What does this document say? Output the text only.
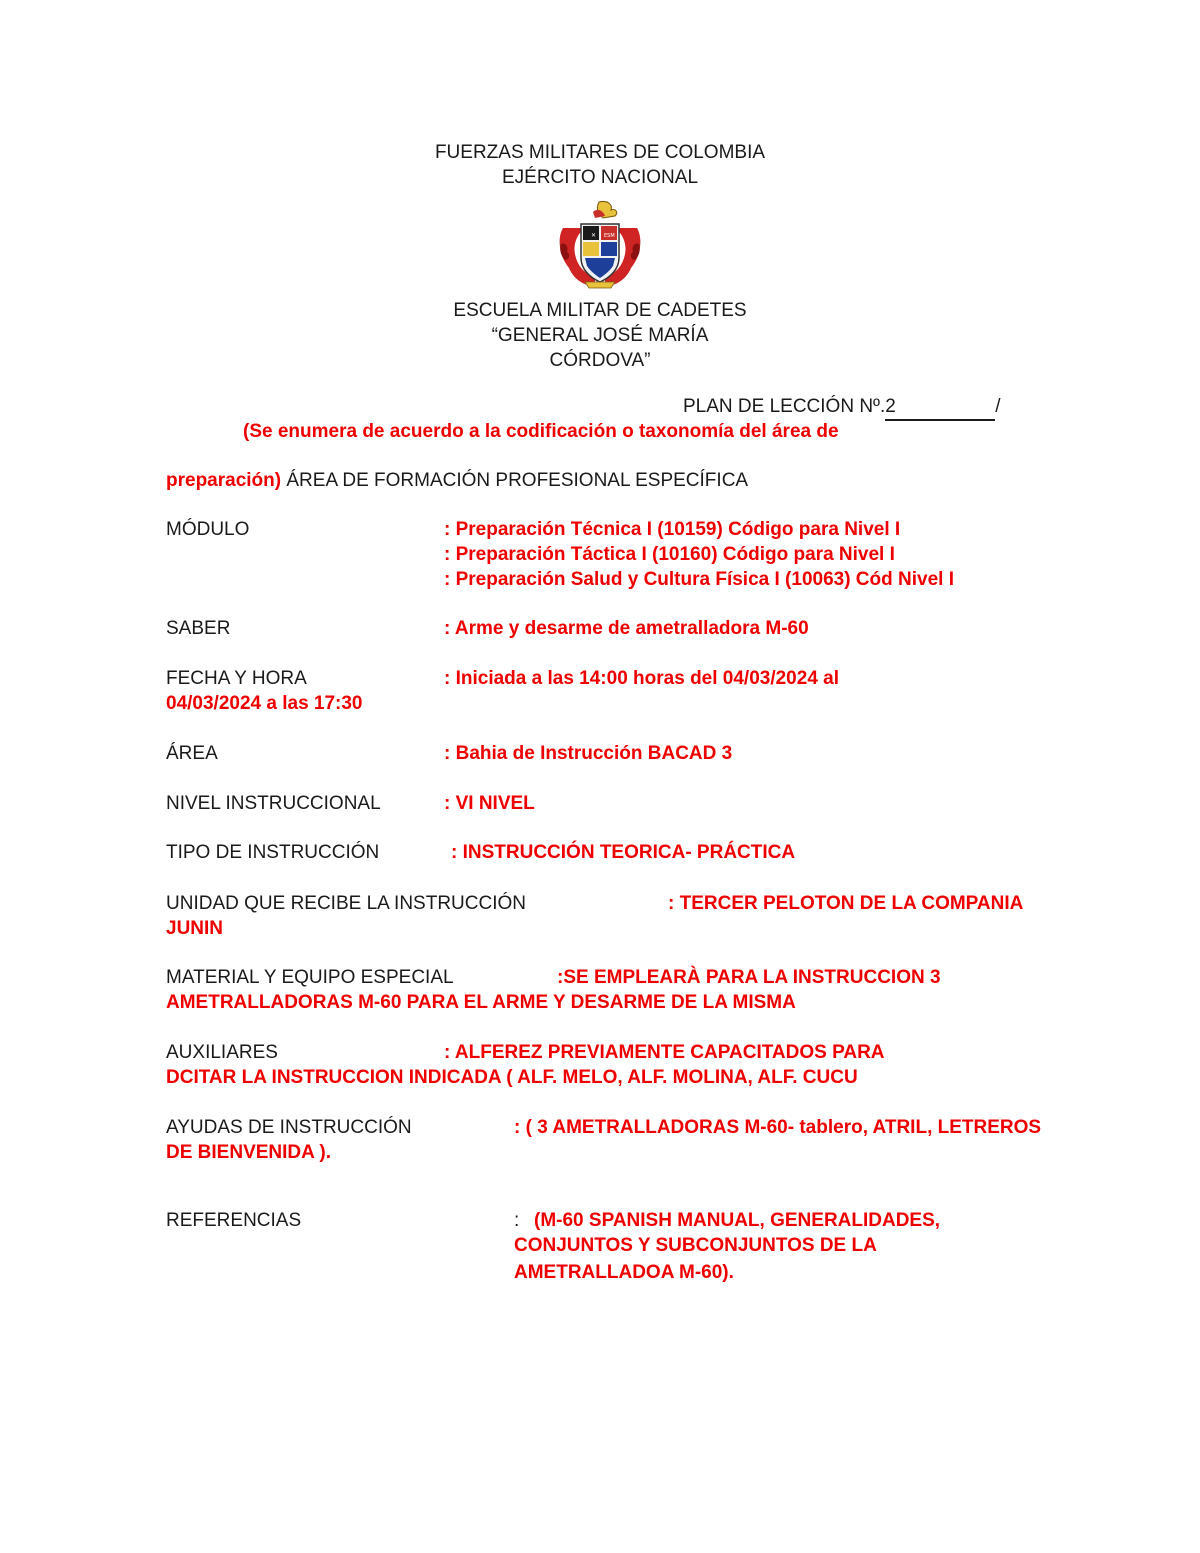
FUERZAS MILITARES DE COLOMBIA
EJÉRCITO NACIONAL
✕ ESM
ESCUELA MILITAR DE CADETES
“GENERAL JOSÉ MARÍA
CÓRDOVA”
PLAN DE LECCIÓN Nº.2	/
(Se enumera de acuerdo a la codificación o taxonomía del área de
preparación) ÁREA DE FORMACIÓN PROFESIONAL ESPECÍFICA
MÓDULO	: Preparación Técnica I (10159) Código para Nivel I
: Preparación Táctica I (10160) Código para Nivel I
: Preparación Salud y Cultura Física I (10063) Cód Nivel I
SABER	: Arme y desarme de ametralladora M-60
FECHA Y HORA	: Iniciada a las 14:00 horas del 04/03/2024 al
04/03/2024 a las 17:30
ÁREA	: Bahia de Instrucción BACAD 3
NIVEL INSTRUCCIONAL	: VI NIVEL
TIPO DE INSTRUCCIÓN	: INSTRUCCIÓN TEORICA- PRÁCTICA
UNIDAD QUE RECIBE LA INSTRUCCIÓN	: TERCER PELOTON DE LA COMPANIA
JUNIN
MATERIAL Y EQUIPO ESPECIAL	:SE EMPLEARÀ PARA LA INSTRUCCION 3
AMETRALLADORAS M-60 PARA EL ARME Y DESARME DE LA MISMA
AUXILIARES	: ALFEREZ PREVIAMENTE CAPACITADOS PARA
DCITAR LA INSTRUCCION INDICADA ( ALF. MELO, ALF. MOLINA, ALF. CUCU
AYUDAS DE INSTRUCCIÓN	: ( 3 AMETRALLADORAS M-60- tablero, ATRIL, LETREROS
DE BIENVENIDA ).
REFERENCIAS	: (M-60 SPANISH MANUAL, GENERALIDADES,
CONJUNTOS Y SUBCONJUNTOS DE LA
AMETRALLADOA M-60).
